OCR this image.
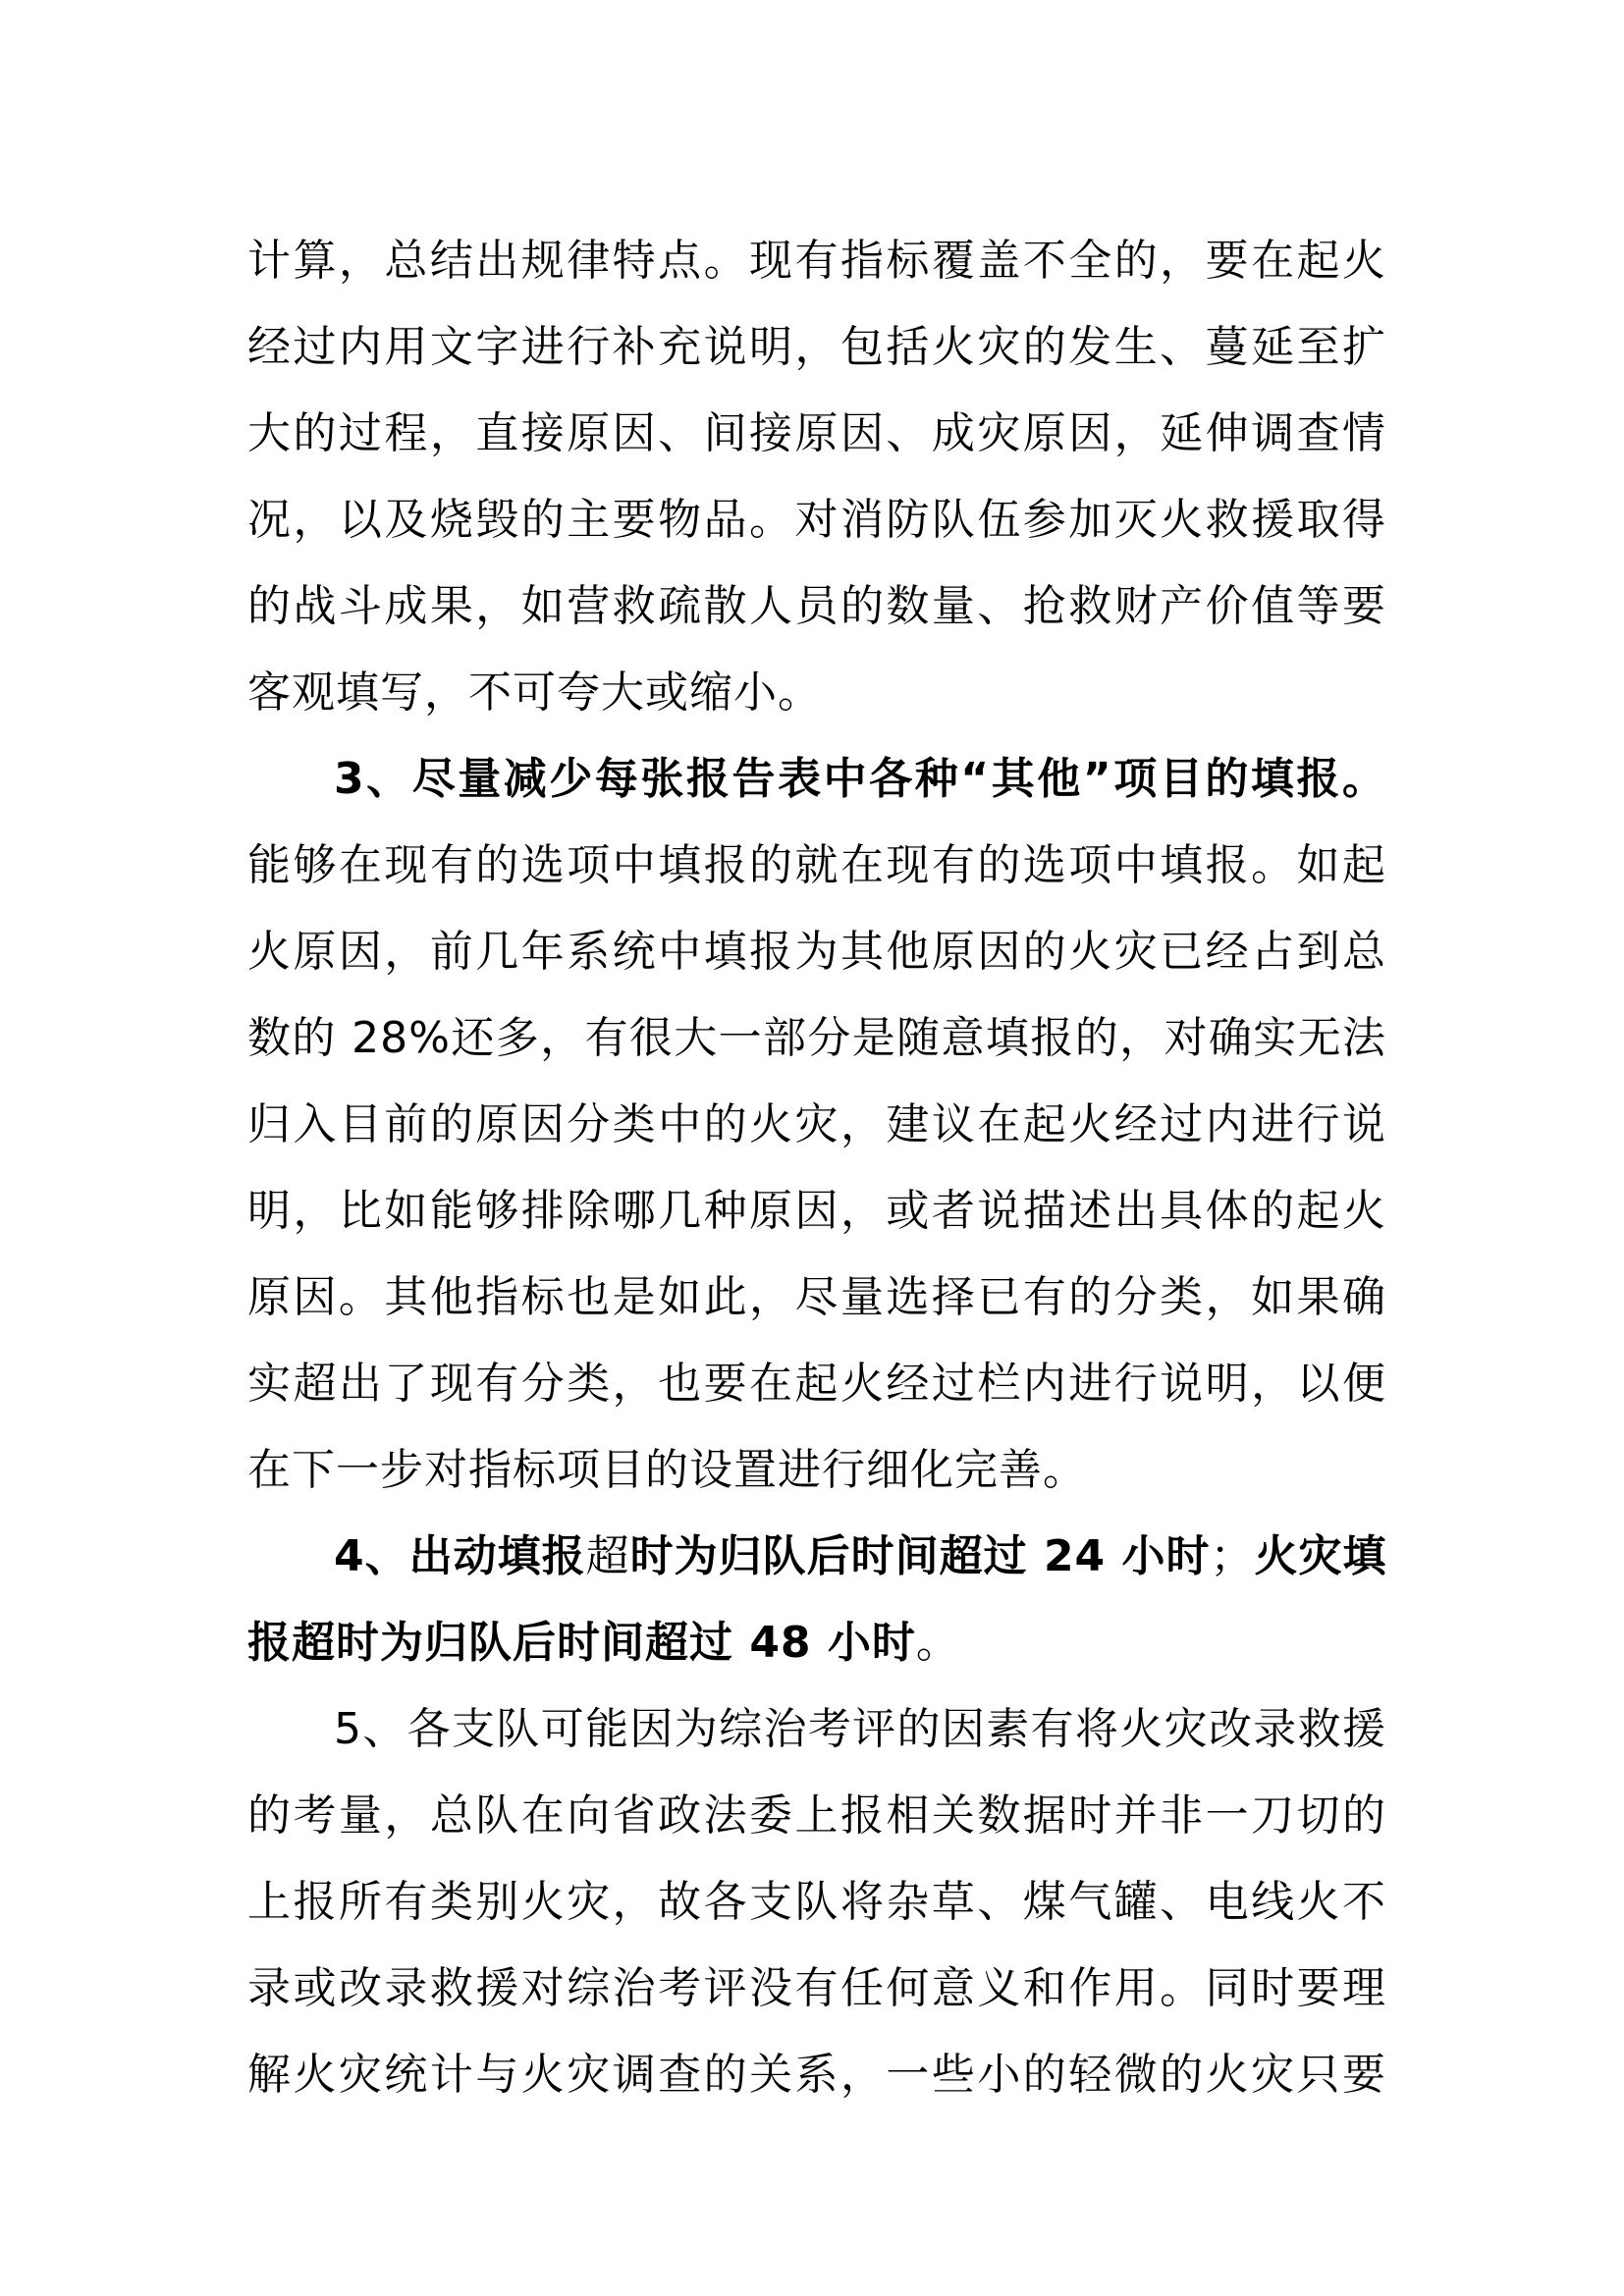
计算，总结出规律特点。现有指标覆盖不全的，要在起火
经过内用文字进行补充说明，包括火灾的发生、蔓延至扩
大的过程，直接原因、间接原因、成灾原因，延伸调查情
况，以及烧毁的主要物品。对消防队伍参加灭火救援取得
的战斗成果，如营救疏散人员的数量、抢救财产价值等要
客观填写，不可夸大或缩小。
3、尽量减少每张报告表中各种“其他”项目的填报。
能够在现有的选项中填报的就在现有的选项中填报。如起
火原因，前几年系统中填报为其他原因的火灾已经占到总
数的 28%还多，有很大一部分是随意填报的，对确实无法
归入目前的原因分类中的火灾，建议在起火经过内进行说
明，比如能够排除哪几种原因，或者说描述出具体的起火
原因。其他指标也是如此，尽量选择已有的分类，如果确
实超出了现有分类，也要在起火经过栏内进行说明，以便
在下一步对指标项目的设置进行细化完善。
4、出动填报超时为归队后时间超过 24 小时；火灾填
报超时为归队后时间超过 48 小时。
5、各支队可能因为综治考评的因素有将火灾改录救援
的考量，总队在向省政法委上报相关数据时并非一刀切的
上报所有类别火灾，故各支队将杂草、煤气罐、电线火不
录或改录救援对综治考评没有任何意义和作用。同时要理
解火灾统计与火灾调查的关系，一些小的轻微的火灾只要
